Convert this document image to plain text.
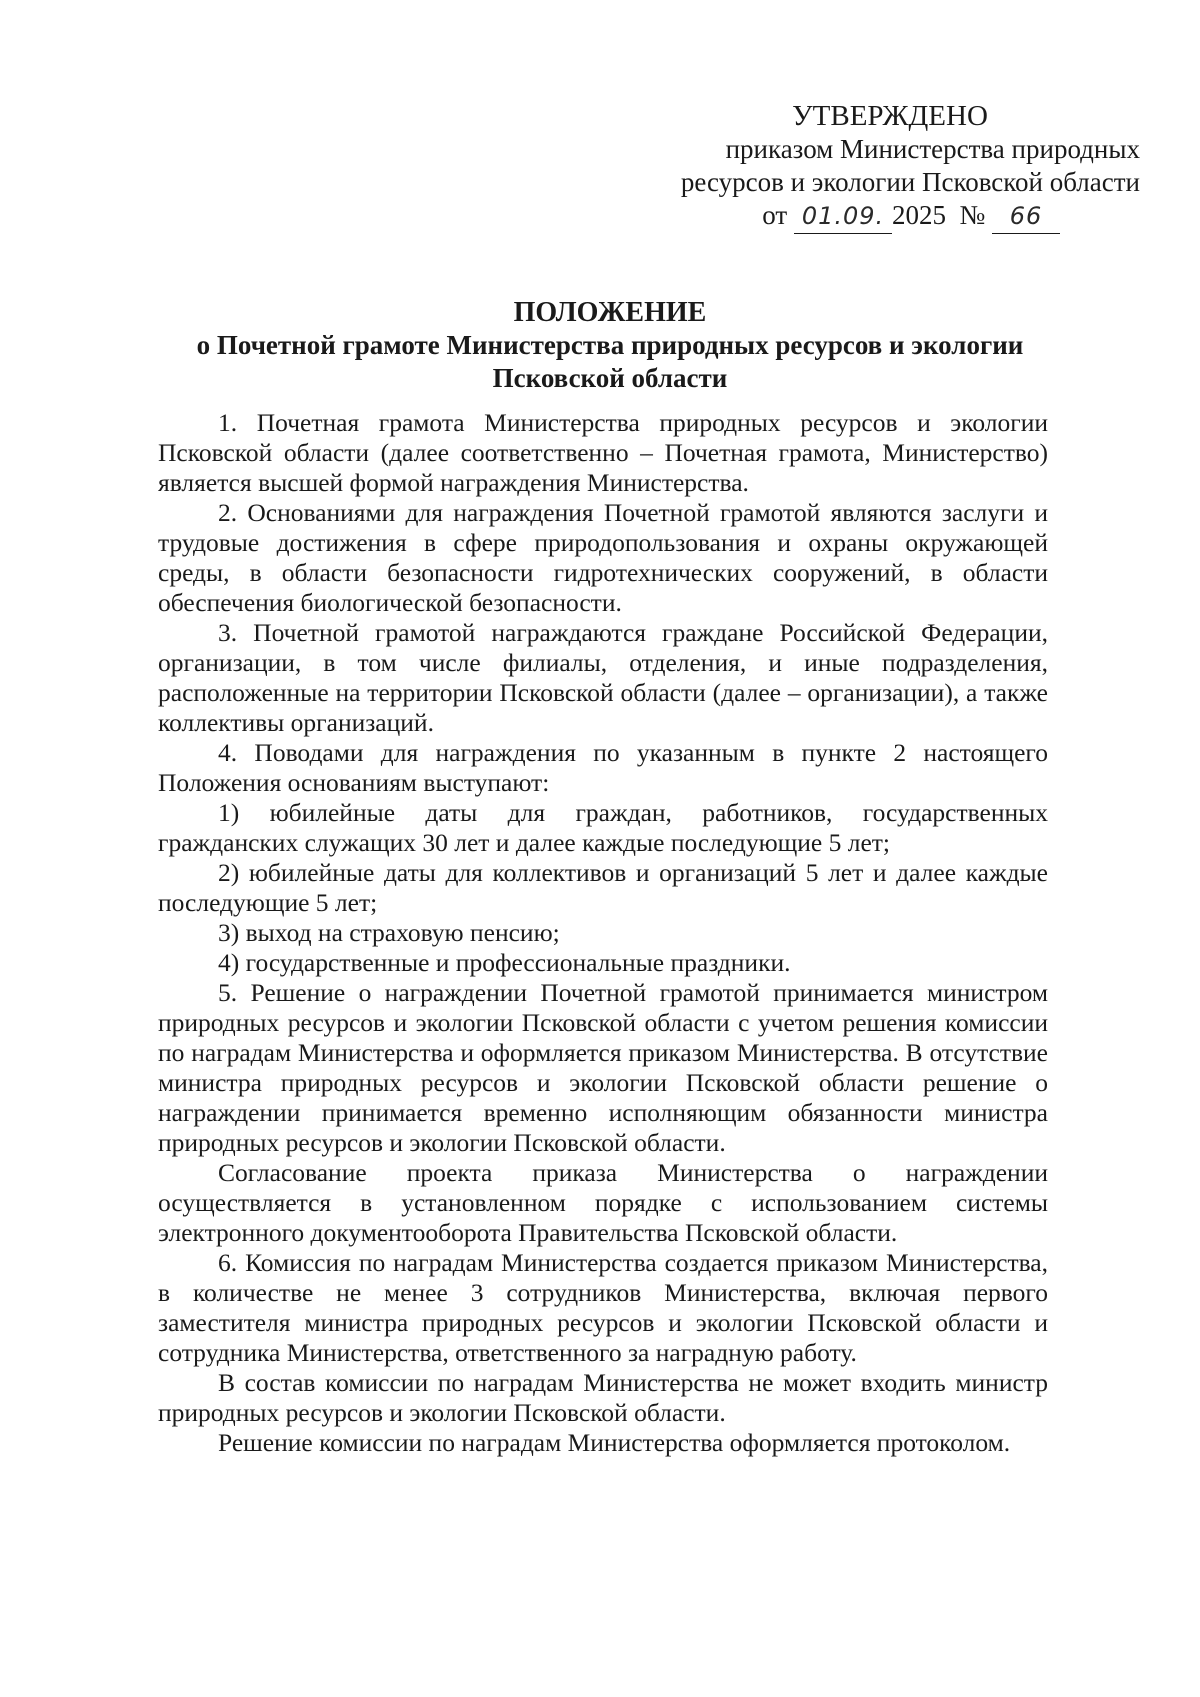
УТВЕРЖДЕНО
приказом Министерства природных
ресурсов и экологии Псковской области
от 01.09. 2025 № 66
ПОЛОЖЕНИЕ
о Почетной грамоте Министерства природных ресурсов и экологии
Псковской области

1. Почетная грамота Министерства природных ресурсов и экологии Псковской области (далее соответственно – Почетная грамота, Министерство) является высшей формой награждения Министерства.

2. Основаниями для награждения Почетной грамотой являются заслуги и трудовые достижения в сфере природопользования и охраны окружающей среды, в области безопасности гидротехнических сооружений, в области обеспечения биологической безопасности.

3. Почетной грамотой награждаются граждане Российской Федерации, организации, в том числе филиалы, отделения, и иные подразделения, расположенные на территории Псковской области (далее – организации), а также коллективы организаций.

4. Поводами для награждения по указанным в пункте 2 настоящего Положения основаниям выступают:

1) юбилейные даты для граждан, работников, государственных гражданских служащих 30 лет и далее каждые последующие 5 лет;

2) юбилейные даты для коллективов и организаций 5 лет и далее каждые последующие 5 лет;

3) выход на страховую пенсию;

4) государственные и профессиональные праздники.

5. Решение о награждении Почетной грамотой принимается министром природных ресурсов и экологии Псковской области с учетом решения комиссии по наградам Министерства и оформляется приказом Министерства. В отсутствие министра природных ресурсов и экологии Псковской области решение о награждении принимается временно исполняющим обязанности министра природных ресурсов и экологии Псковской области.

Согласование проекта приказа Министерства о награждении осуществляется в установленном порядке с использованием системы электронного документооборота Правительства Псковской области.

6. Комиссия по наградам Министерства создается приказом Министерства, в количестве не менее 3 сотрудников Министерства, включая первого заместителя министра природных ресурсов и экологии Псковской области и сотрудника Министерства, ответственного за наградную работу.

В состав комиссии по наградам Министерства не может входить министр природных ресурсов и экологии Псковской области.

Решение комиссии по наградам Министерства оформляется протоколом.
